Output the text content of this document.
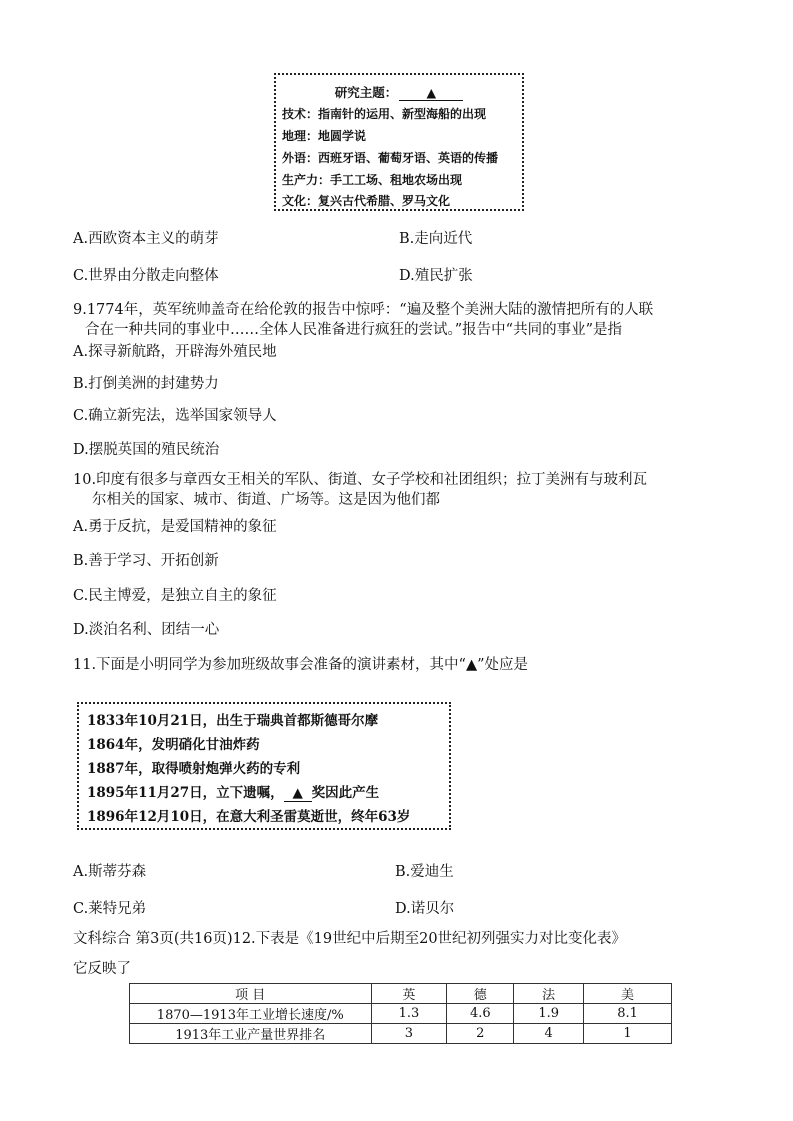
研究主题： ▲
技术：指南针的运用、新型海船的出现
地理：地圆学说
外语：西班牙语、葡萄牙语、英语的传播
生产力：手工工场、租地农场出现
文化：复兴古代希腊、罗马文化
A.西欧资本主义的萌芽	B.走向近代
C.世界由分散走向整体	D.殖民扩张
9.1774年，英军统帅盖奇在给伦敦的报告中惊呼：“遍及整个美洲大陆的激情把所有的人联
合在一种共同的事业中……全体人民准备进行疯狂的尝试。”报告中“共同的事业”是指
A.探寻新航路，开辟海外殖民地
B.打倒美洲的封建势力
C.确立新宪法，选举国家领导人
D.摆脱英国的殖民统治
10.印度有很多与章西女王相关的军队、街道、女子学校和社团组织；拉丁美洲有与玻利瓦
尔相关的国家、城市、街道、广场等。这是因为他们都
A.勇于反抗，是爱国精神的象征
B.善于学习、开拓创新
C.民主博爱，是独立自主的象征
D.淡泊名利、团结一心
11.下面是小明同学为参加班级故事会准备的演讲素材，其中“▲”处应是
1833年10月21日，出生于瑞典首都斯德哥尔摩
1864年，发明硝化甘油炸药
1887年，取得喷射炮弹火药的专利
1895年11月27日，立下遗嘱， ▲ 奖因此产生
1896年12月10日，在意大利圣雷莫逝世，终年63岁
A.斯蒂芬森	B.爱迪生
C.莱特兄弟	D.诺贝尔
文科综合 第3页(共16页)12.下表是《19世纪中后期至20世纪初列强实力对比变化表》
它反映了
项 目	英	德	法	美
1870—1913年工业增长速度/%	1.3	4.6	1.9	8.1
1913年工业产量世界排名	3	2	4	1
